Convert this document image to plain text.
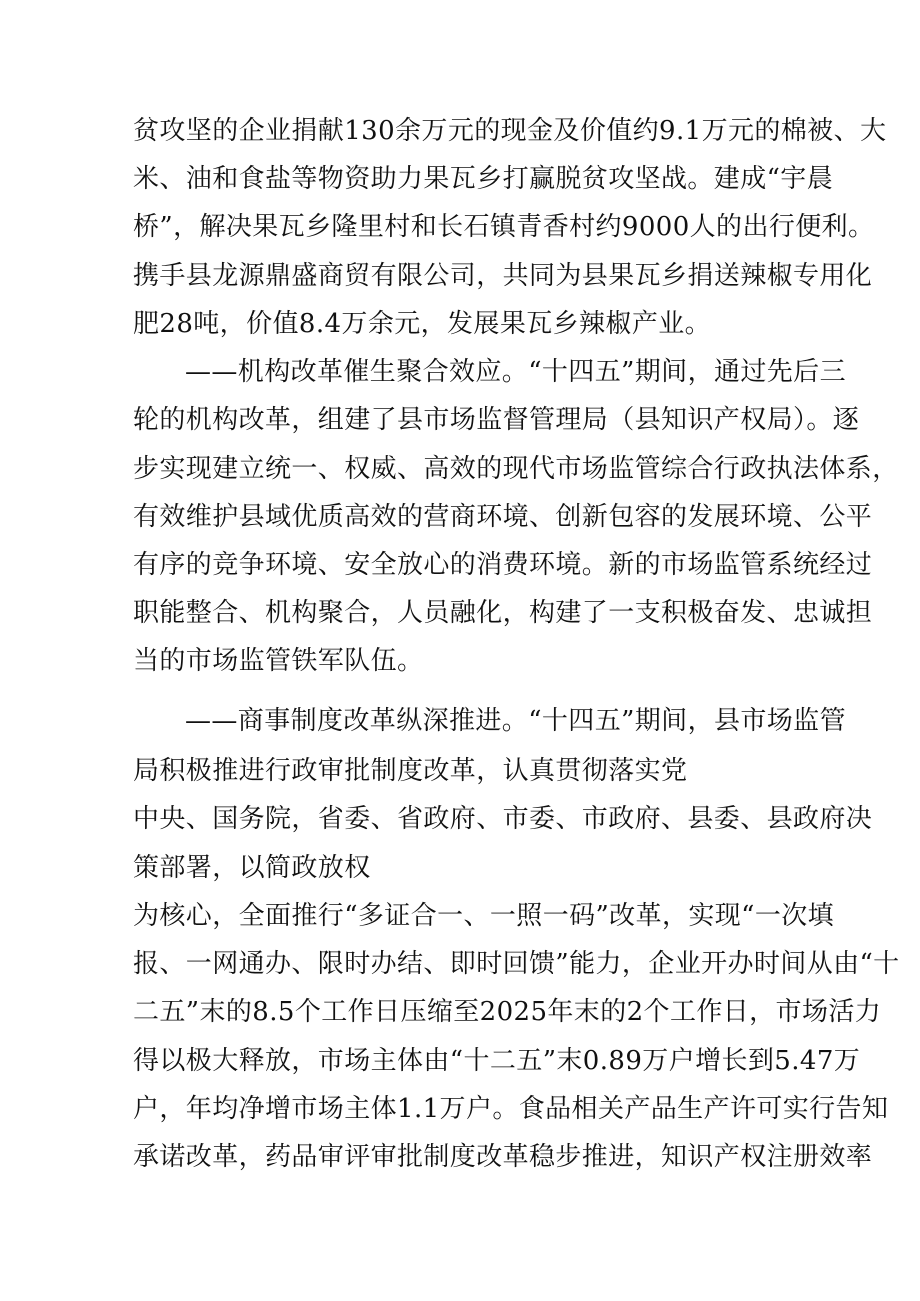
贫攻坚的企业捐献130余万元的现金及价值约9.1万元的棉被、大
米、油和食盐等物资助力果瓦乡打赢脱贫攻坚战。建成“宇晨
桥”，解决果瓦乡隆里村和长石镇青香村约9000人的出行便利。
携手县龙源鼎盛商贸有限公司，共同为县果瓦乡捐送辣椒专用化
肥28吨，价值8.4万余元，发展果瓦乡辣椒产业。
——机构改革催生聚合效应。“十四五”期间，通过先后三
轮的机构改革，组建了县市场监督管理局（县知识产权局）。逐
步实现建立统一、权威、高效的现代市场监管综合行政执法体系，
有效维护县域优质高效的营商环境、创新包容的发展环境、公平
有序的竞争环境、安全放心的消费环境。新的市场监管系统经过
职能整合、机构聚合，人员融化，构建了一支积极奋发、忠诚担
当的市场监管铁军队伍。
——商事制度改革纵深推进。“十四五”期间，县市场监管
局积极推进行政审批制度改革，认真贯彻落实党
中央、国务院，省委、省政府、市委、市政府、县委、县政府决
策部署，以简政放权
为核心，全面推行“多证合一、一照一码”改革，实现“一次填
报、一网通办、限时办结、即时回馈”能力，企业开办时间从由“十
二五”末的8.5个工作日压缩至2025年末的2个工作日，市场活力
得以极大释放，市场主体由“十二五”末0.89万户增长到5.47万
户，年均净增市场主体1.1万户。食品相关产品生产许可实行告知
承诺改革，药品审评审批制度改革稳步推进，知识产权注册效率
